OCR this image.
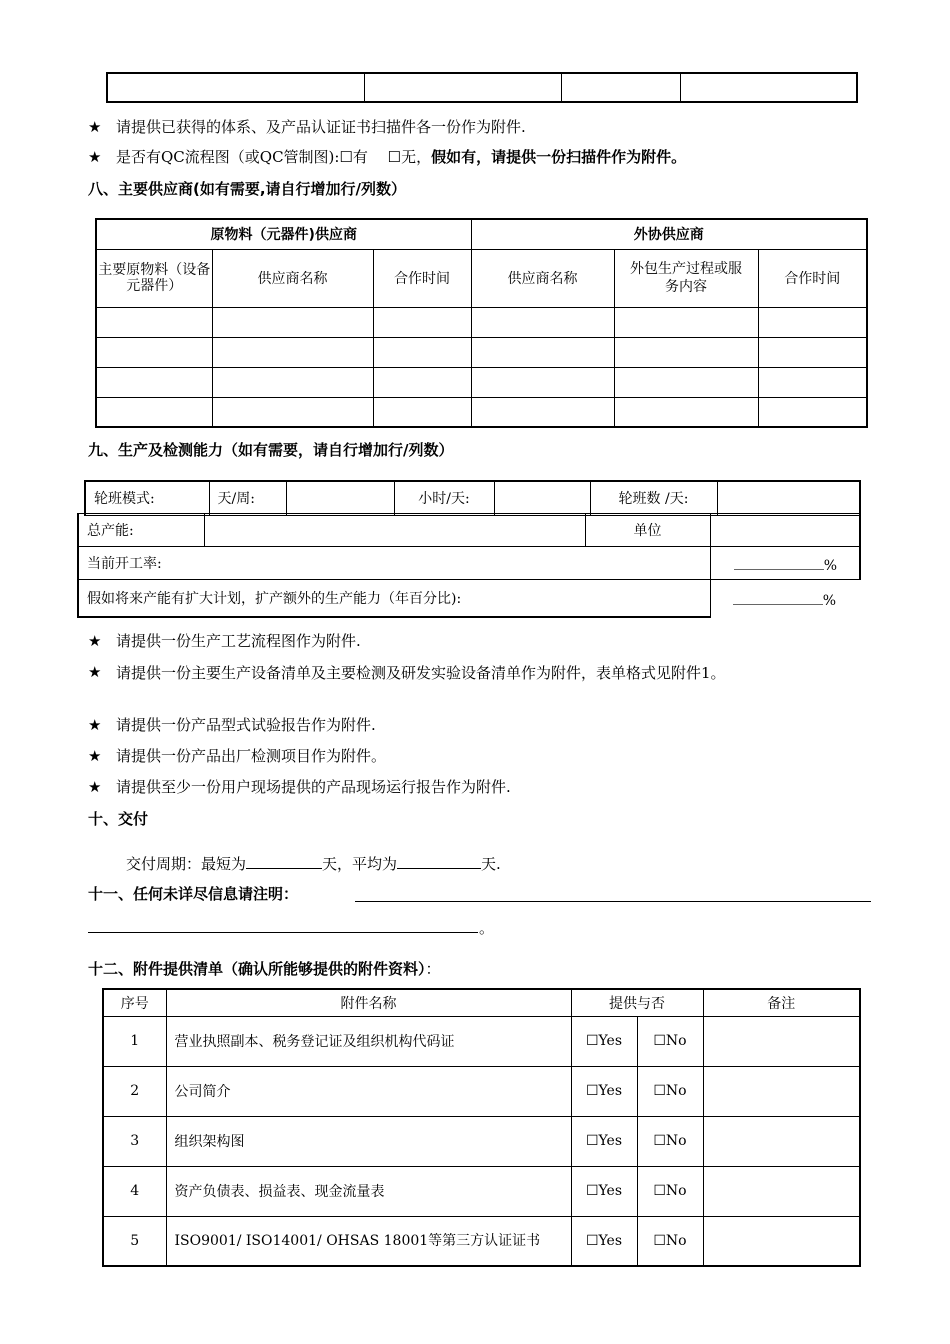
★ 请提供已获得的体系、及产品认证证书扫描件各一份作为附件.
★ 是否有QC流程图（或QC管制图):☐有　 ☐无，假如有，请提供一份扫描件作为附件。
八、主要供应商(如有需要,请自行增加行/列数）
原物料（元器件)供应商			外协供应商		
主要原物料（设备元器件）	供应商名称	合作时间	供应商名称	外包生产过程或服务内容	合作时间

九、生产及检测能力（如有需要，请自行增加行/列数）
轮班模式:	天/周:		小时/天:		轮班数 /天:	
总产能:		单位	
当前开工率:	%
假如将来产能有扩大计划，扩产额外的生产能力（年百分比):	%
★ 请提供一份生产工艺流程图作为附件.
★ 请提供一份主要生产设备清单及主要检测及研发实验设备清单作为附件，表单格式见附件1。
★ 请提供一份产品型式试验报告作为附件.
★ 请提供一份产品出厂检测项目作为附件。
★ 请提供至少一份用户现场提供的产品现场运行报告作为附件.
十、交付
交付周期：最短为	天，平均为	天.
十一、任何未详尽信息请注明：
。
十二、附件提供清单（确认所能够提供的附件资料）：
序号	附件名称	提供与否		备注
1	营业执照副本、税务登记证及组织机构代码证	☐Yes	☐No	
2	公司简介	☐Yes	☐No	
3	组织架构图	☐Yes	☐No	
4	资产负债表、损益表、现金流量表	☐Yes	☐No	
5	ISO9001/ ISO14001/ OHSAS 18001等第三方认证证书	☐Yes	☐No	
